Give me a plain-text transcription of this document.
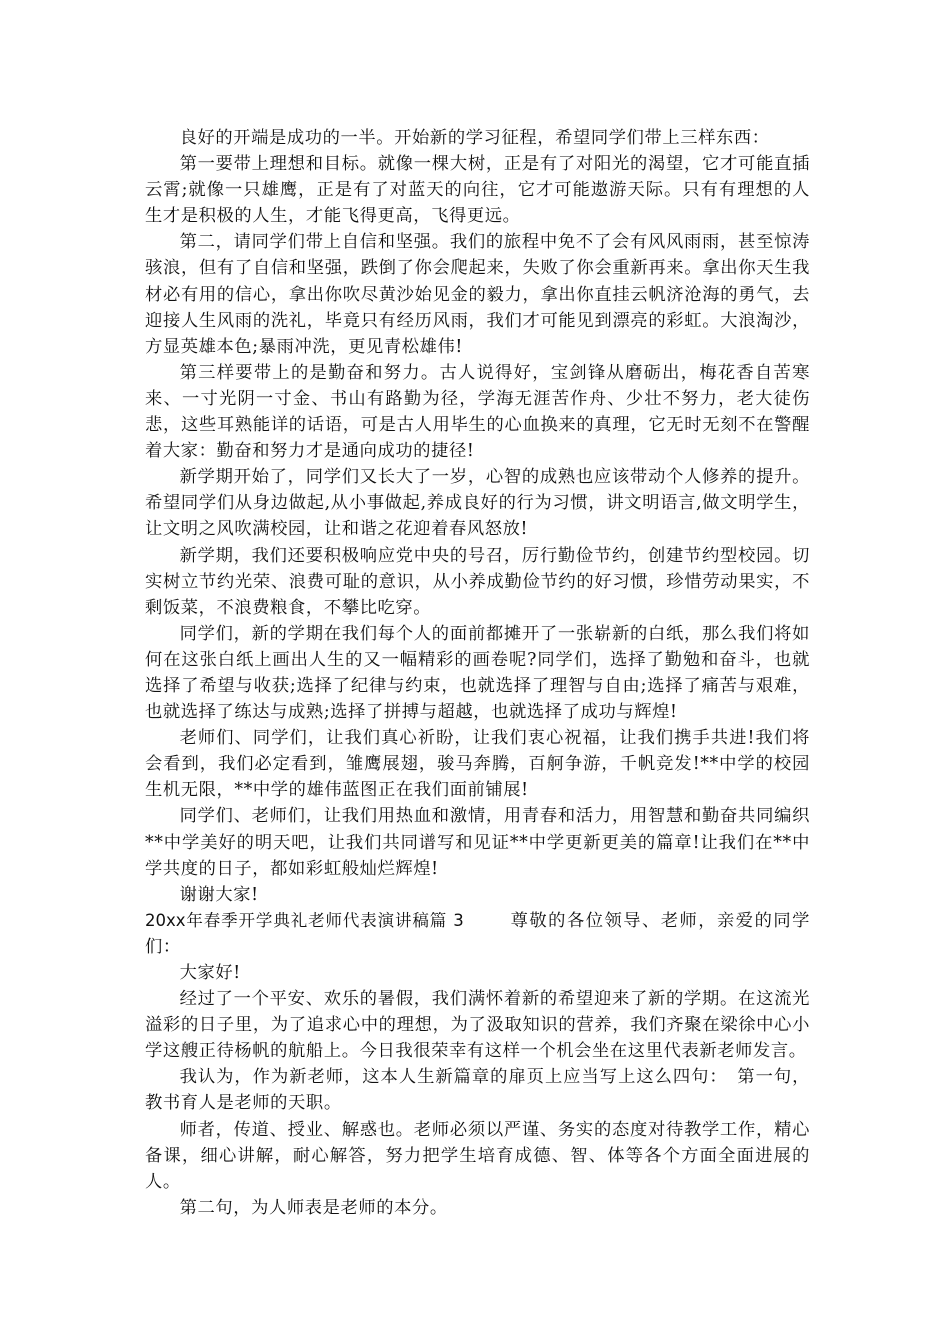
良好的开端是成功的一半。开始新的学习征程，希望同学们带上三样东西：

第一要带上理想和目标。就像一棵大树，正是有了对阳光的渴望，它才可能直插云霄;就像一只雄鹰，正是有了对蓝天的向往，它才可能遨游天际。只有有理想的人生才是积极的人生，才能飞得更高，飞得更远。

第二，请同学们带上自信和坚强。我们的旅程中免不了会有风风雨雨，甚至惊涛骇浪，但有了自信和坚强，跌倒了你会爬起来，失败了你会重新再来。拿出你天生我材必有用的信心，拿出你吹尽黄沙始见金的毅力，拿出你直挂云帆济沧海的勇气，去迎接人生风雨的洗礼，毕竟只有经历风雨，我们才可能见到漂亮的彩虹。大浪淘沙，方显英雄本色;暴雨冲洗，更见青松雄伟!

第三样要带上的是勤奋和努力。古人说得好，宝剑锋从磨砺出，梅花香自苦寒来、一寸光阴一寸金、书山有路勤为径，学海无涯苦作舟、少壮不努力，老大徒伤悲，这些耳熟能详的话语，可是古人用毕生的心血换来的真理，它无时无刻不在警醒着大家：勤奋和努力才是通向成功的捷径!

新学期开始了，同学们又长大了一岁，心智的成熟也应该带动个人修养的提升。希望同学们从身边做起,从小事做起,养成良好的行为习惯，讲文明语言,做文明学生，让文明之风吹满校园，让和谐之花迎着春风怒放!

新学期，我们还要积极响应党中央的号召，厉行勤俭节约，创建节约型校园。切实树立节约光荣、浪费可耻的意识，从小养成勤俭节约的好习惯，珍惜劳动果实，不剩饭菜，不浪费粮食，不攀比吃穿。

同学们，新的学期在我们每个人的面前都摊开了一张崭新的白纸，那么我们将如何在这张白纸上画出人生的又一幅精彩的画卷呢?同学们，选择了勤勉和奋斗，也就选择了希望与收获;选择了纪律与约束，也就选择了理智与自由;选择了痛苦与艰难，也就选择了练达与成熟;选择了拼搏与超越，也就选择了成功与辉煌!

老师们、同学们，让我们真心祈盼，让我们衷心祝福，让我们携手共进!我们将会看到，我们必定看到，雏鹰展翅，骏马奔腾，百舸争游，千帆竞发!**中学的校园生机无限，**中学的雄伟蓝图正在我们面前铺展!

同学们、老师们，让我们用热血和激情，用青春和活力，用智慧和勤奋共同编织**中学美好的明天吧，让我们共同谱写和见证**中学更新更美的篇章!让我们在**中学共度的日子，都如彩虹般灿烂辉煌!

谢谢大家!

20xx年春季开学典礼老师代表演讲稿篇 3	尊敬的各位领导、老师，亲爱的同学们：

大家好!

经过了一个平安、欢乐的暑假，我们满怀着新的希望迎来了新的学期。在这流光溢彩的日子里，为了追求心中的理想，为了汲取知识的营养，我们齐聚在梁徐中心小学这艘正待杨帆的航船上。今日我很荣幸有这样一个机会坐在这里代表新老师发言。

我认为，作为新老师，这本人生新篇章的扉页上应当写上这么四句：　第一句，教书育人是老师的天职。

师者，传道、授业、解惑也。老师必须以严谨、务实的态度对待教学工作，精心备课，细心讲解，耐心解答，努力把学生培育成德、智、体等各个方面全面进展的人。

第二句，为人师表是老师的本分。
